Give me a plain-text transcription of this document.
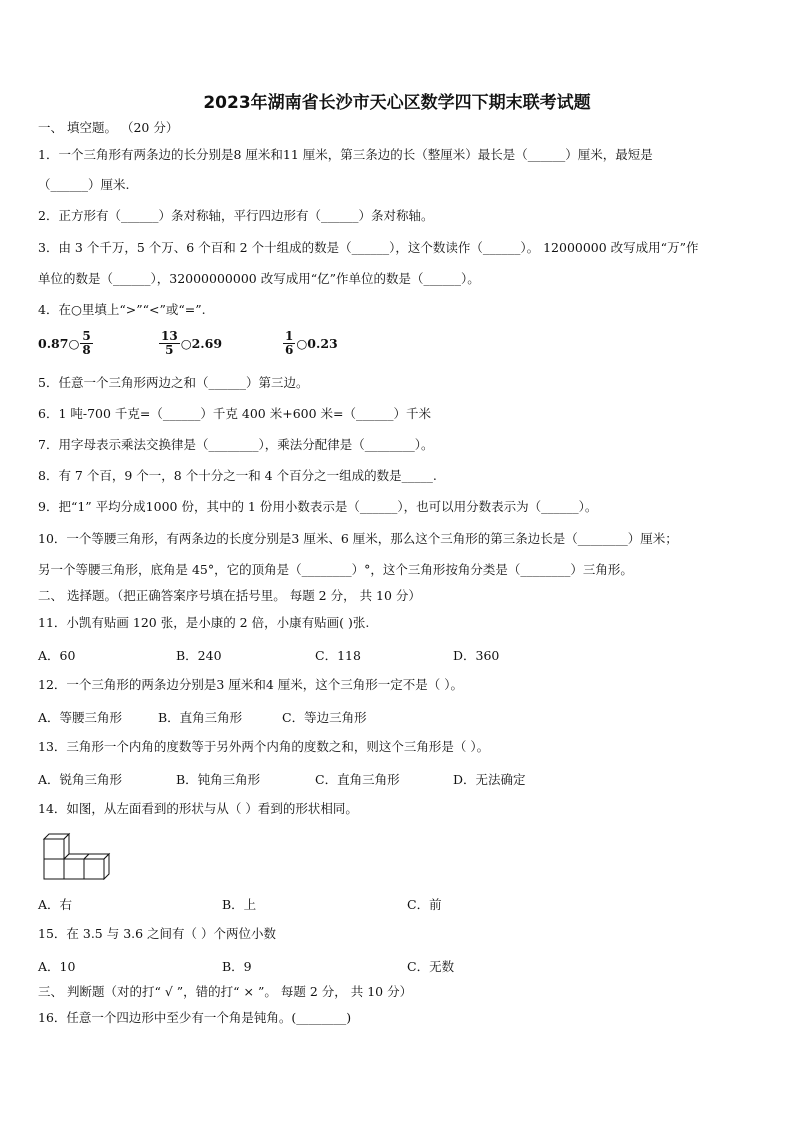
2023年湖南省长沙市天心区数学四下期末联考试题
一、 填空题。 （20 分）
1．一个三角形有两条边的长分别是8 厘米和11 厘米，第三条边的长（整厘米）最长是（______）厘米，最短是
（______）厘米.
2．正方形有（______）条对称轴，平行四边形有（______）条对称轴。
3．由 3 个千万，5 个万、6 个百和 2 个十组成的数是（______），这个数读作（______）。 12000000 改写成用“万”作
单位的数是（______），32000000000 改写成用“亿”作单位的数是（______）。
4．在○里填上“>”“<”或“=”.
0.87○ $\frac{5}{8}$	$\frac{13}{5}$ ○2.69	$\frac{1}{6}$ ○0.23
5．任意一个三角形两边之和（______）第三边。
6．1 吨-700 千克=（______）千克 400 米+600 米=（______）千米
7．用字母表示乘法交换律是（________），乘法分配律是（________）。
8．有 7 个百，9 个一，8 个十分之一和 4 个百分之一组成的数是_____.
9．把“1” 平均分成1000 份，其中的 1 份用小数表示是（______），也可以用分数表示为（______）。
10．一个等腰三角形，有两条边的长度分别是3 厘米、6 厘米，那么这个三角形的第三条边长是（________）厘米；
另一个等腰三角形，底角是 45°，它的顶角是（________）°，这个三角形按角分类是（________）三角形。
二、 选择题。（把正确答案序号填在括号里。 每题 2 分， 共 10 分）
11．小凯有贴画 120 张，是小康的 2 倍，小康有贴画( )张.
A．60	B．240	C．118	D．360
12．一个三角形的两条边分别是3 厘米和4 厘米，这个三角形一定不是（ ）。
A．等腰三角形	B．直角三角形	C．等边三角形
13．三角形一个内角的度数等于另外两个内角的度数之和，则这个三角形是（ ）。
A．锐角三角形	B．钝角三角形	C．直角三角形	D．无法确定
14．如图，从左面看到的形状与从（ ）看到的形状相同。
A．右	B．上	C．前
15．在 3.5 与 3.6 之间有（ ）个两位小数
A．10	B．9	C．无数
三、 判断题（对的打“ √ ”，错的打“ × ”。 每题 2 分， 共 10 分）
16．任意一个四边形中至少有一个角是钝角。(________)
